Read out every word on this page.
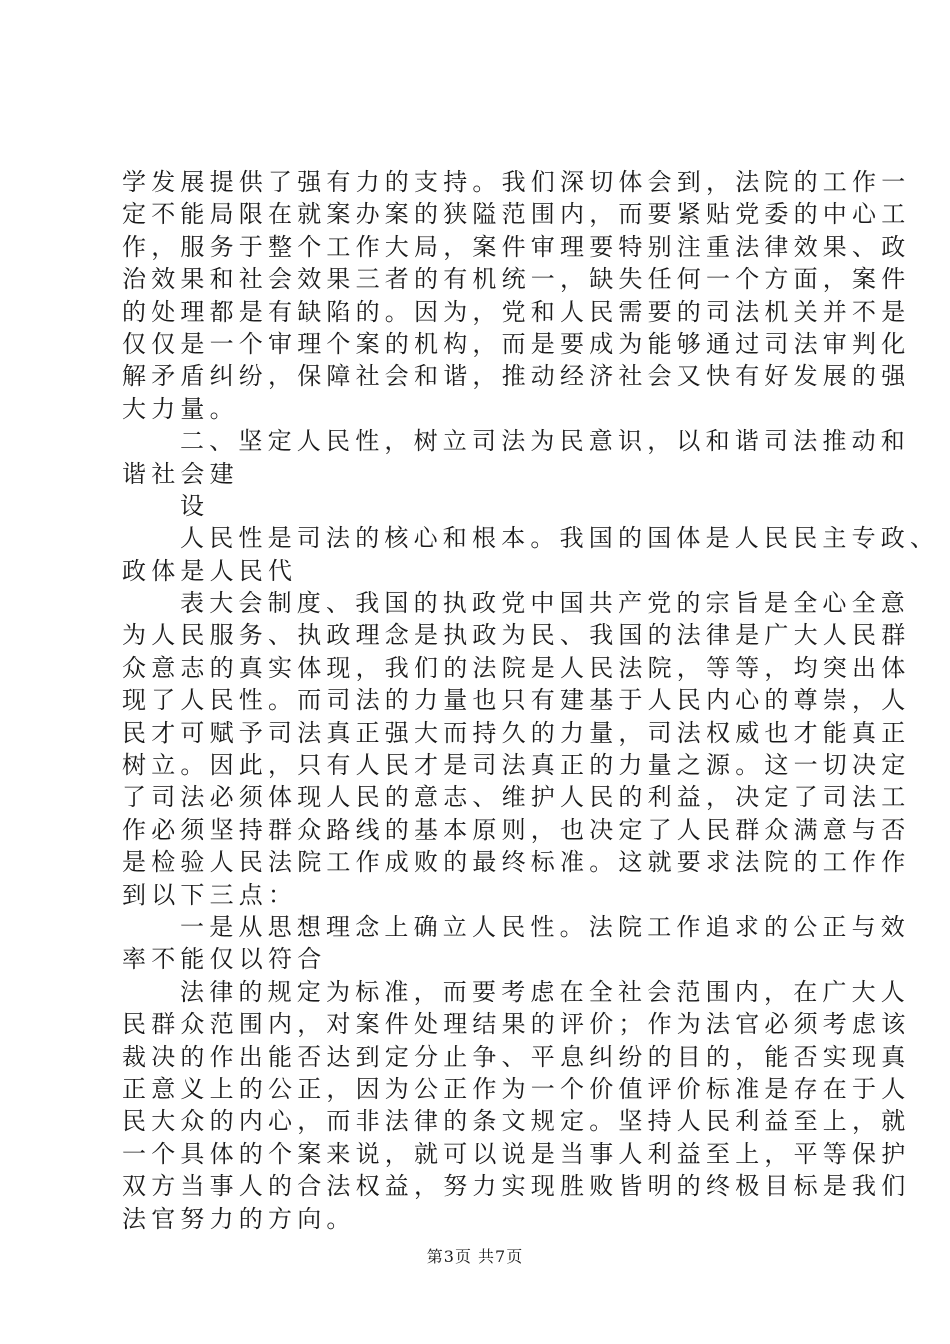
学发展提供了强有力的支持。我们深切体会到，法院的工作一
定不能局限在就案办案的狭隘范围内，而要紧贴党委的中心工
作，服务于整个工作大局，案件审理要特别注重法律效果、政
治效果和社会效果三者的有机统一，缺失任何一个方面，案件
的处理都是有缺陷的。因为，党和人民需要的司法机关并不是
仅仅是一个审理个案的机构，而是要成为能够通过司法审判化
解矛盾纠纷，保障社会和谐，推动经济社会又快有好发展的强
大力量。
二、坚定人民性，树立司法为民意识，以和谐司法推动和
谐社会建
设
人民性是司法的核心和根本。我国的国体是人民民主专政、
政体是人民代
表大会制度、我国的执政党中国共产党的宗旨是全心全意
为人民服务、执政理念是执政为民、我国的法律是广大人民群
众意志的真实体现，我们的法院是人民法院，等等，均突出体
现了人民性。而司法的力量也只有建基于人民内心的尊崇，人
民才可赋予司法真正强大而持久的力量，司法权威也才能真正
树立。因此，只有人民才是司法真正的力量之源。这一切决定
了司法必须体现人民的意志、维护人民的利益，决定了司法工
作必须坚持群众路线的基本原则，也决定了人民群众满意与否
是检验人民法院工作成败的最终标准。这就要求法院的工作作
到以下三点：
一是从思想理念上确立人民性。法院工作追求的公正与效
率不能仅以符合
法律的规定为标准，而要考虑在全社会范围内，在广大人
民群众范围内，对案件处理结果的评价；作为法官必须考虑该
裁决的作出能否达到定分止争、平息纠纷的目的，能否实现真
正意义上的公正，因为公正作为一个价值评价标准是存在于人
民大众的内心，而非法律的条文规定。坚持人民利益至上，就
一个具体的个案来说，就可以说是当事人利益至上，平等保护
双方当事人的合法权益，努力实现胜败皆明的终极目标是我们
法官努力的方向。
第3页 共7页
